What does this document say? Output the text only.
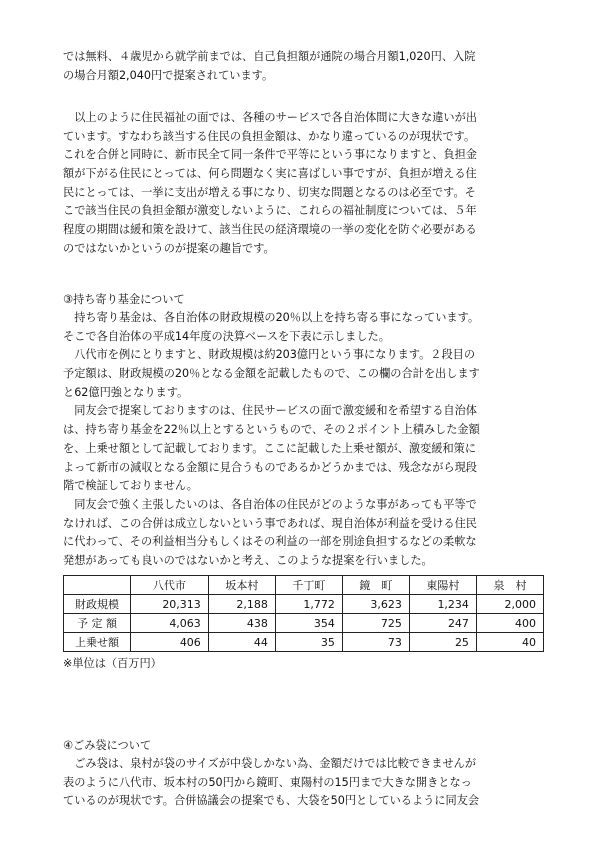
では無料、４歳児から就学前までは、自己負担額が通院の場合月額1,020円、入院
の場合月額2,040円で提案されています。
　以上のように住民福祉の面では、各種のサービスで各自治体間に大きな違いが出
ています。すなわち該当する住民の負担金額は、かなり違っているのが現状です。
これを合併と同時に、新市民全て同一条件で平等にという事になりますと、負担金
額が下がる住民にとっては、何ら問題なく実に喜ばしい事ですが、負担が増える住
民にとっては、一挙に支出が増える事になり、切実な問題となるのは必至です。そ
こで該当住民の負担金額が激変しないように、これらの福祉制度については、５年
程度の期間は緩和策を設けて、該当住民の経済環境の一挙の変化を防ぐ必要がある
のではないかというのが提案の趣旨です。

③持ち寄り基金について

　持ち寄り基金は、各自治体の財政規模の20％以上を持ち寄る事になっています。
そこで各自治体の平成14年度の決算ベースを下表に示しました。
　八代市を例にとりますと、財政規模は約203億円という事になります。２段目の
予定額は、財政規模の20％となる金額を記載したもので、この欄の合計を出します
と62億円強となります。
　同友会で提案しておりますのは、住民サービスの面で激変緩和を希望する自治体
は、持ち寄り基金を22％以上とするというもので、その２ポイント上積みした金額
を、上乗せ額として記載しております。ここに記載した上乗せ額が、激変緩和策に
よって新市の減収となる金額に見合うものであるかどうかまでは、残念ながら現段
階で検証しておりません。
　同友会で強く主張したいのは、各自治体の住民がどのような事があっても平等で
なければ、この合併は成立しないという事であれば、現自治体が利益を受ける住民
に代わって、その利益相当分もしくはその利益の一部を別途負担するなどの柔軟な
発想があっても良いのではないかと考え、このような提案を行いました。
	八代市	坂本村	千丁町	鏡　町	東陽村	泉　村
財政規模	20,313	2,188	1,772	3,623	1,234	2,000
予 定 額	4,063	438	354	725	247	400
上乗せ額	406	44	35	73	25	40

※単位は（百万円）

④ごみ袋について

　ごみ袋は、泉村が袋のサイズが中袋しかない為、金額だけでは比較できませんが
表のように八代市、坂本村の50円から鏡町、東陽村の15円まで大きな開きとなっ
ているのが現状です。合併協議会の提案でも、大袋を50円としているように同友会
